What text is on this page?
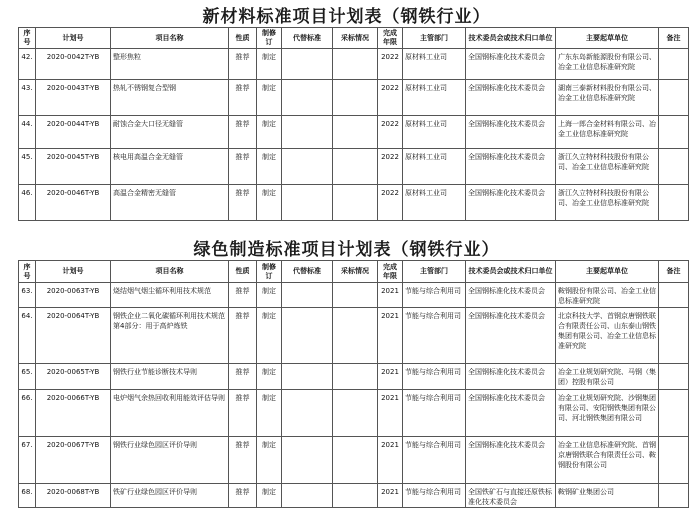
新材料标准项目计划表（钢铁行业）
序号	计划号	项目名称	性质	制修订	代替标准	采标情况	完成年限	主管部门	技术委员会或技术归口单位	主要起草单位	备注
42.	2020-0042T-YB	整形焦粒	推荐	制定			2022	原材料工业司	全国钢标准化技术委员会	广东东岛新能源股份有限公司、冶金工业信息标准研究院	
43.	2020-0043T-YB	热轧不锈钢复合型钢	推荐	制定			2022	原材料工业司	全国钢标准化技术委员会	湖南三泰新材料股份有限公司、冶金工业信息标准研究院	
44.	2020-0044T-YB	耐蚀合金大口径无缝管	推荐	制定			2022	原材料工业司	全国钢标准化技术委员会	上海一郎合金材料有限公司、冶金工业信息标准研究院	
45.	2020-0045T-YB	核电用高温合金无缝管	推荐	制定			2022	原材料工业司	全国钢标准化技术委员会	浙江久立特材科技股份有限公司、冶金工业信息标准研究院	
46.	2020-0046T-YB	高温合金精密无缝管	推荐	制定			2022	原材料工业司	全国钢标准化技术委员会	浙江久立特材科技股份有限公司、冶金工业信息标准研究院	
绿色制造标准项目计划表（钢铁行业）
序号	计划号	项目名称	性质	制修订	代替标准	采标情况	完成年限	主管部门	技术委员会或技术归口单位	主要起草单位	备注
63.	2020-0063T-YB	烧结烟气烟尘循环利用技术规范	推荐	制定			2021	节能与综合利用司	全国钢标准化技术委员会	鞍钢股份有限公司、冶金工业信息标准研究院	
64.	2020-0064T-YB	钢铁企业二氧化碳循环利用技术规范 第4部分：用于高炉炼铁	推荐	制定			2021	节能与综合利用司	全国钢标准化技术委员会	北京科技大学、首钢京唐钢铁联合有限责任公司、山东泰山钢铁集团有限公司、冶金工业信息标准研究院	
65.	2020-0065T-YB	钢铁行业节能诊断技术导则	推荐	制定			2021	节能与综合利用司	全国钢标准化技术委员会	冶金工业规划研究院、马钢（集团）控股有限公司	
66.	2020-0066T-YB	电炉烟气余热回收利用能效评估导则	推荐	制定			2021	节能与综合利用司	全国钢标准化技术委员会	冶金工业规划研究院、沙钢集团有限公司、安阳钢铁集团有限公司、河北钢铁集团有限公司	
67.	2020-0067T-YB	钢铁行业绿色园区评价导则	推荐	制定			2021	节能与综合利用司	全国钢标准化技术委员会	冶金工业信息标准研究院、首钢京唐钢铁联合有限责任公司、鞍钢股份有限公司	
68.	2020-0068T-YB	铁矿行业绿色园区评价导则	推荐	制定			2021	节能与综合利用司	全国铁矿石与直接还原铁标准化技术委员会	鞍钢矿业集团公司	
